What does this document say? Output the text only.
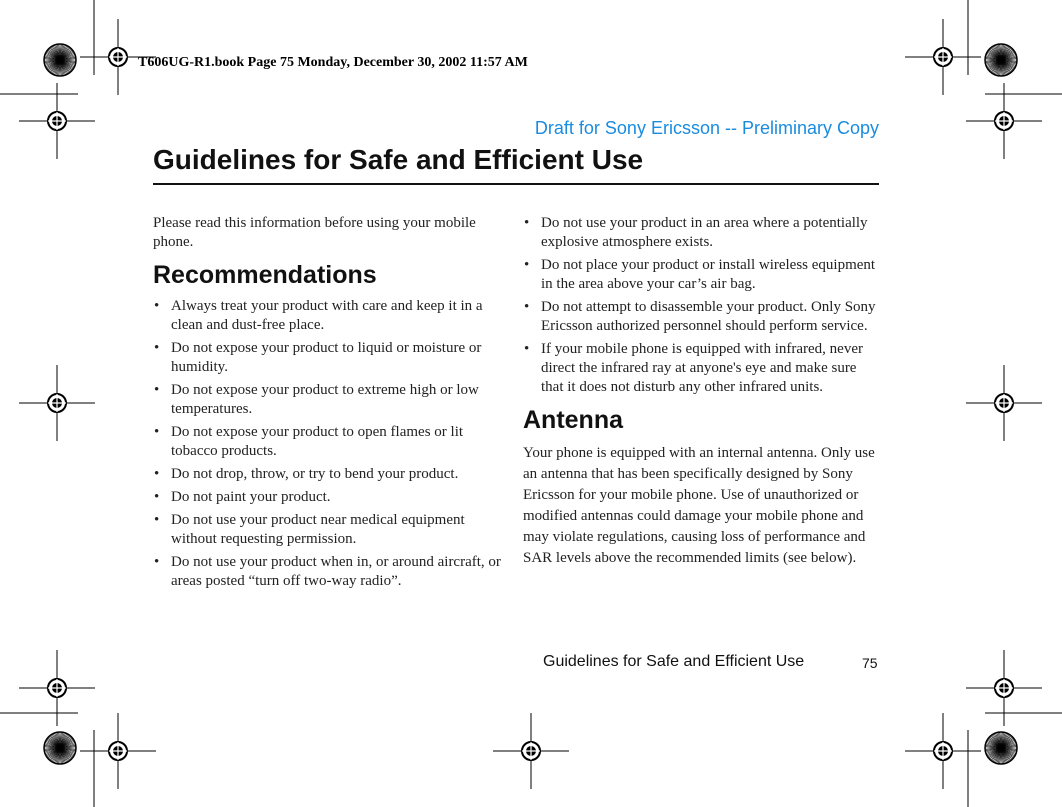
T606UG-R1.book Page 75 Monday, December 30, 2002 11:57 AM
Draft for Sony Ericsson -- Preliminary Copy
Guidelines for Safe and Efficient Use

Please read this information before using your mobile phone.

Recommendations
• Always treat your product with care and keep it in a clean and dust-free place.
• Do not expose your product to liquid or moisture or humidity.
• Do not expose your product to extreme high or low temperatures.
• Do not expose your product to open flames or lit tobacco products.
• Do not drop, throw, or try to bend your product.
• Do not paint your product.
• Do not use your product near medical equipment without requesting permission.
• Do not use your product when in, or around aircraft, or areas posted “turn off two-way radio”.
• Do not use your product in an area where a potentially explosive atmosphere exists.
• Do not place your product or install wireless equipment in the area above your car’s air bag.
• Do not attempt to disassemble your product. Only Sony Ericsson authorized personnel should perform service.
• If your mobile phone is equipped with infrared, never direct the infrared ray at anyone's eye and make sure that it does not disturb any other infrared units.
Antenna

Your phone is equipped with an internal antenna. Only use an antenna that has been specifically designed by Sony Ericsson for your mobile phone. Use of unauthorized or modified antennas could damage your mobile phone and may violate regulations, causing loss of performance and SAR levels above the recommended limits (see below).

Guidelines for Safe and Efficient Use	75
